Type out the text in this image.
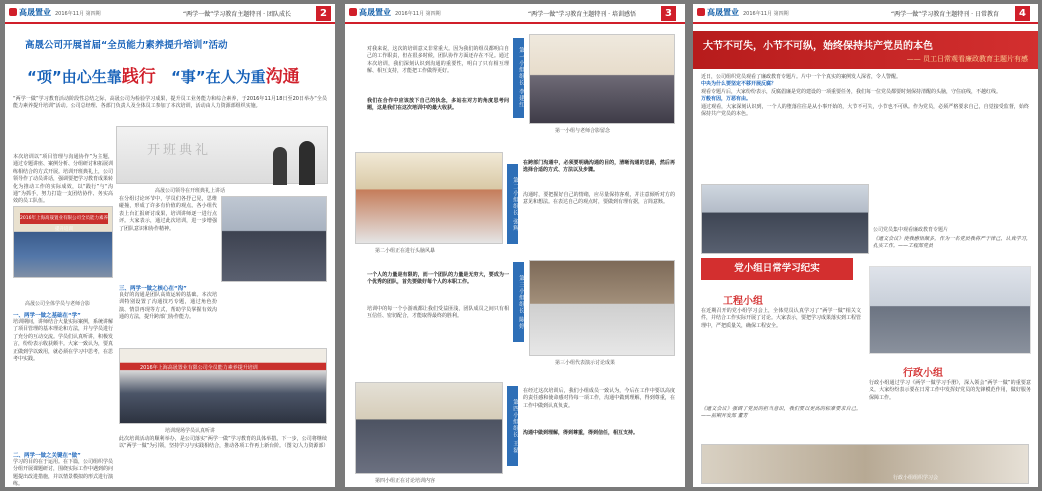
高晟置业 2016年11月 第四期	“两学一做”学习教育主题特刊 · 团队成长	2
高晟公司开展首届“全员能力素养提升培训”活动
“项”由心生靠践行 “事”在人为重沟通
“两学一做”学习教育活动阶段性总结之际，高晟公司为检验学习成果，提升员工业务能力和综合素养，于2016年11月18日至20日举办“全员能力素养提升培训”活动。公司总经理、各部门负责人及全体员工参加了本次培训，活动由人力资源部组织实施。
本次培训以“项目管理与沟通协作”为主题，通过专题讲座、案例分析、分组研讨和拓展训练相结合的方式开展。培训开班典礼上，公司领导作了动员讲话，强调要把学习教育成果转化为推动工作的实际成效，以“践行”与“沟通”为抓手，努力打造一支团结协作、务实高效的员工队伍。
开班典礼
高晟公司领导在开班典礼上讲话
2016年上海高晟置业有限公司全员能力素养提升培训
高晟公司全体学员与老师合影
一、两学一做之基础在“学”
培训期间，讲师结合大量实际案例，系统讲解了项目管理的基本理论和方法，并与学员进行了充分的互动交流。学员们认真听讲，积极发言，纷纷表示收获颇丰。大家一致认为，要真正做到学以致用，就必须在学习中思考，在思考中实践。
二、两学一做之关键在“做”
学习的目的在于运用。在下篇，公司组织学员分组开展课题研讨，围绕实际工作中遇到的问题提出改进措施，并以情景模拟的形式进行演练。
在分组讨论环节中，学员们各抒己见，思维碰撞，形成了许多有价值的观点。各小组代表上台汇报研讨成果，培训讲师逐一进行点评。大家表示，通过此次培训，进一步增强了团队意识和协作精神。
三、两学一做之核心在“沟”
良好的沟通是团队高效运转的基础。本次培训特别设置了沟通技巧专题，通过角色扮演、情景再现等方式，帮助学员掌握有效沟通的方法，提升跨部门协作能力。
2016年上海高晟置业有限公司全员能力素养提升培训
培训现场学员认真听讲
此次培训活动的顺利举办，是公司落实“两学一做”学习教育的具体举措。下一步，公司将继续以“两学一做”为引领，坚持学习与实践相结合，推动各项工作再上新台阶。（图文/人力资源部）
高晟置业 2016年11月 第四期	“两学一做”学习教育主题特刊 · 培训感悟	3
对我来说，这次的培训意义非常重大。因为我们的组员都明白自己的工作职责，但在很多时候，团队协作方面还存在不足。通过本次培训，我们深刻认识到沟通的重要性，明白了只有相互理解、相互支持，才能把工作做得更好。
我们在合作中应该放下自己的执念，多站在对方的角度思考问题，这是我们在这次培训中的最大收获。	第一小组组长 李建红
第一小组与老师合影留念
第二小组正在进行头脑风暴
第二小组组长 张辉
在跨部门沟通中，必须要明确沟通的目的，清晰沟通的思路，然后再选择合适的方式、方法以及步骤。
沟通时，要把握好自己的情绪，应尽量保持客观，并注意倾听对方的意见和想法。在表达自己的观点时，要做到有理有据，言简意赅。
一个人的力量是有限的，而一个团队的力量是无穷大，要成为一个优秀的团队，首先要做好每个人的本职工作。
培训中的每一个小游戏都让我们受益匪浅，团队成员之间只有相互信任、密切配合，才能取得最终的胜利。	第三小组组长 陈婷
第三小组代表演示讨论成果
第四小组正在讨论培训内容
第四小组组长 王磊
在经过这次培训后，我们小组成员一致认为，今后在工作中要以高度的责任感和使命感对待每一项工作，沟通中做到理解，得到尊重，在工作中做到认真负责。
沟通中做到理解，得到尊重，得到信任，相互支持。
高晟置业 2016年11月 第四期	“两学一做”学习教育主题特刊 · 日常教育	4
大节不可失，小节不可纵，始终保持共产党员的本色
—— 员工日常观看廉政教育主题片有感
近日，公司组织党员观看了廉政教育专题片。片中一个个真实的案例发人深省，令人警醒。
中央为什么要坚定不移开展反腐？
观看专题片后，大家纷纷表示，反腐倡廉是党的建设的一项重要任务，我们每一位党员都要时刻保持清醒的头脑，守住底线，不越红线。
万般有因，万恶有由。
通过观看，大家深刻认识到，一个人的堕落往往是从小事开始的，大节不可失，小节也不可纵。作为党员，必须严格要求自己，自觉接受监督，始终保持共产党员的本色。
公司党员集中观看廉政教育专题片
《通文会议》使我感悟颇多，作为一名党员我将严于律己，认真学习，扎实工作。——工程部党员
党小组日常学习纪实
工程小组
在近期召开的党小组学习会上，全体党员认真学习了“两学一做”相关文件，并结合工作实际开展了讨论。大家表示，要把学习成果落实到工程管理中，严把质量关，确保工程安全。
《通文会议》强调了党员的担当意识，我们要以更高的标准要求自己。——前期开发部 董芳
行政小组
行政小组通过学习《两学一做学习手册》，深入领会“两学一做”的重要意义，大家纷纷表示要在日常工作中发挥好党员的先锋模范作用，做好服务保障工作。
行政小组组织学习会
